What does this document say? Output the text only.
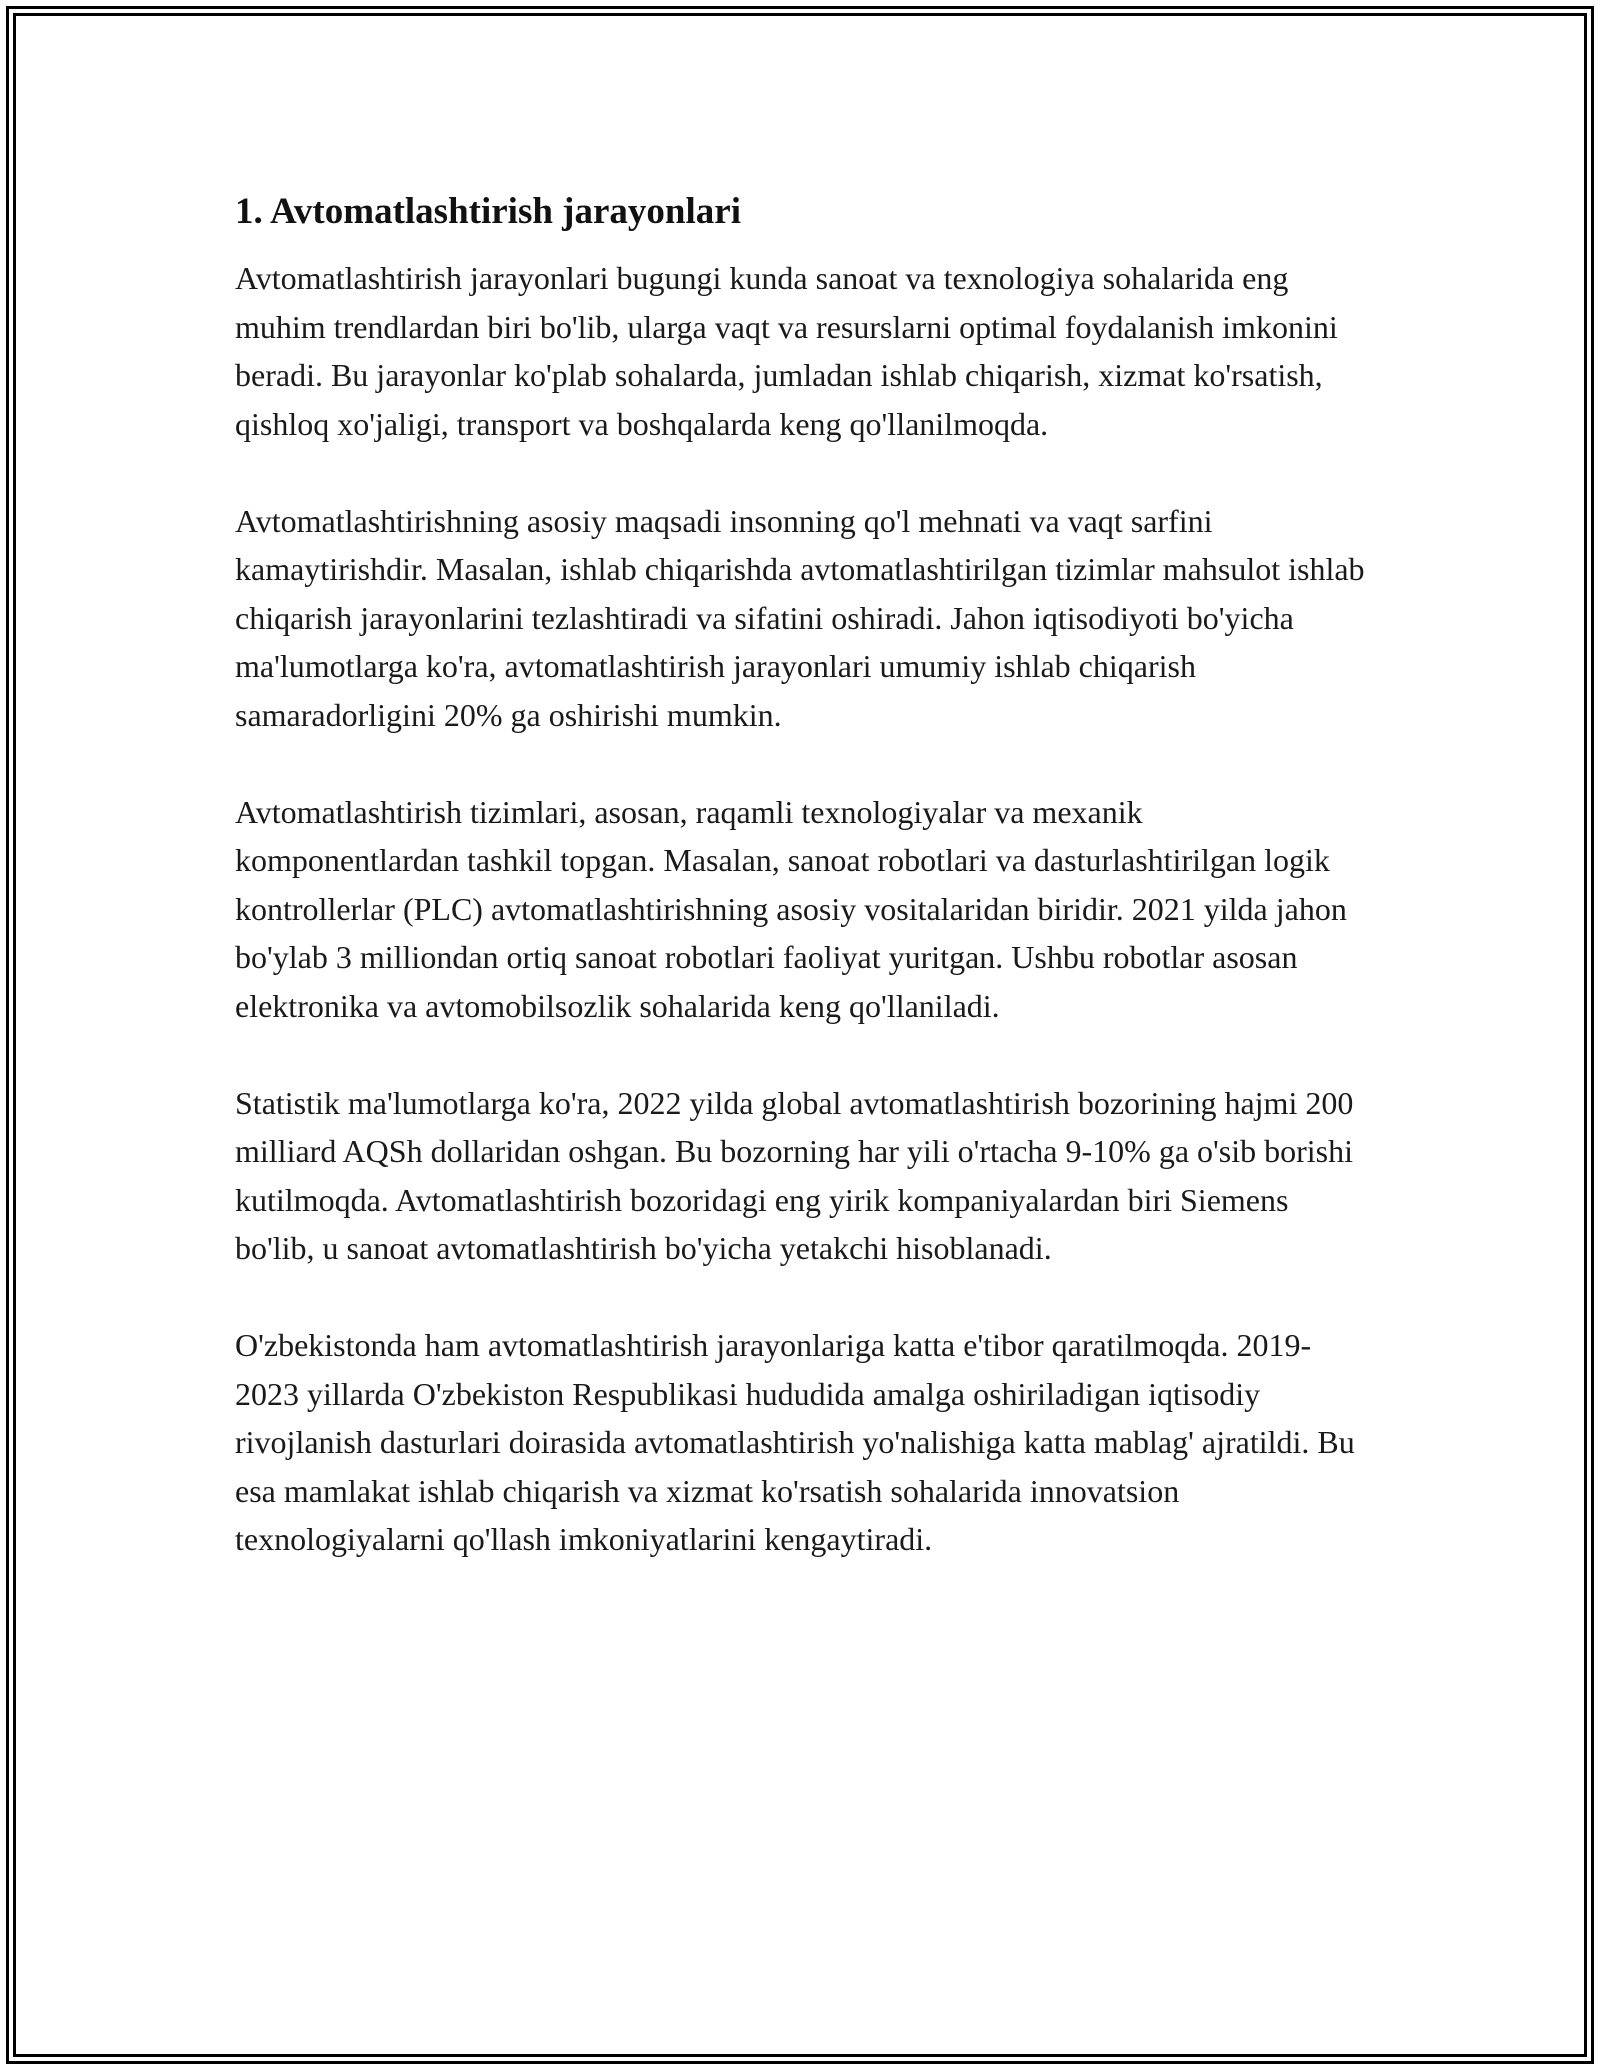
1. Avtomatlashtirish jarayonlari

Avtomatlashtirish jarayonlari bugungi kunda sanoat va texnologiya sohalarida eng muhim trendlardan biri bo'lib, ularga vaqt va resurslarni optimal foydalanish imkonini beradi. Bu jarayonlar ko'plab sohalarda, jumladan ishlab chiqarish, xizmat ko'rsatish, qishloq xo'jaligi, transport va boshqalarda keng qo'llanilmoqda.

Avtomatlashtirishning asosiy maqsadi insonning qo'l mehnati va vaqt sarfini kamaytirishdir. Masalan, ishlab chiqarishda avtomatlashtirilgan tizimlar mahsulot ishlab chiqarish jarayonlarini tezlashtiradi va sifatini oshiradi. Jahon iqtisodiyoti bo'yicha ma'lumotlarga ko'ra, avtomatlashtirish jarayonlari umumiy ishlab chiqarish samaradorligini 20% ga oshirishi mumkin.

Avtomatlashtirish tizimlari, asosan, raqamli texnologiyalar va mexanik komponentlardan tashkil topgan. Masalan, sanoat robotlari va dasturlashtirilgan logik kontrollerlar (PLC) avtomatlashtirishning asosiy vositalaridan biridir. 2021 yilda jahon bo'ylab 3 milliondan ortiq sanoat robotlari faoliyat yuritgan. Ushbu robotlar asosan elektronika va avtomobilsozlik sohalarida keng qo'llaniladi.

Statistik ma'lumotlarga ko'ra, 2022 yilda global avtomatlashtirish bozorining hajmi 200 milliard AQSh dollaridan oshgan. Bu bozorning har yili o'rtacha 9-10% ga o'sib borishi kutilmoqda. Avtomatlashtirish bozoridagi eng yirik kompaniyalardan biri Siemens bo'lib, u sanoat avtomatlashtirish bo'yicha yetakchi hisoblanadi.

O'zbekistonda ham avtomatlashtirish jarayonlariga katta e'tibor qaratilmoqda. 2019-2023 yillarda O'zbekiston Respublikasi hududida amalga oshiriladigan iqtisodiy rivojlanish dasturlari doirasida avtomatlashtirish yo'nalishiga katta mablag' ajratildi. Bu esa mamlakat ishlab chiqarish va xizmat ko'rsatish sohalarida innovatsion texnologiyalarni qo'llash imkoniyatlarini kengaytiradi.
